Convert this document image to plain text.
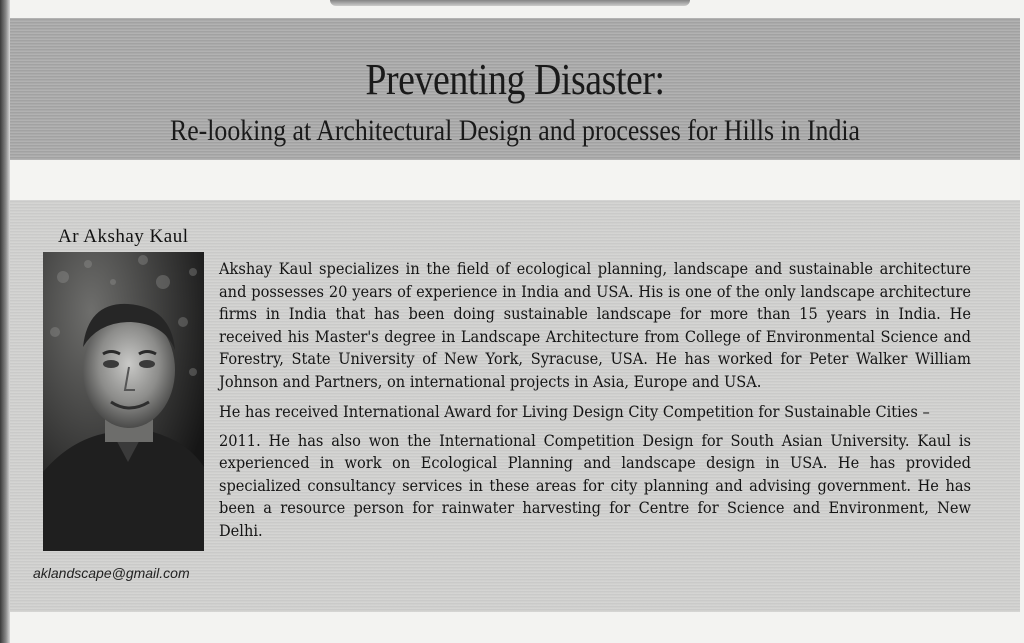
Preventing Disaster:
Re-looking at Architectural Design and processes for Hills in India
Ar Akshay Kaul
aklandscape@gmail.com

Akshay Kaul specializes in the field of ecological planning, landscape and sustainable architecture and possesses 20 years of experience in India and USA. His is one of the only landscape architecture firms in India that has been doing sustainable landscape for more than 15 years in India. He received his Master's degree in Landscape Architecture from College of Environmental Science and Forestry, State University of New York, Syracuse, USA. He has worked for Peter Walker William Johnson and Partners, on international projects in Asia, Europe and USA.

He has received International Award for Living Design City Competition for Sustainable Cities –

2011. He has also won the International Competition Design for South Asian University. Kaul is experienced in work on Ecological Planning and landscape design in USA. He has provided specialized consultancy services in these areas for city planning and advising government. He has been a resource person for rainwater harvesting for Centre for Science and Environment, New Delhi.
